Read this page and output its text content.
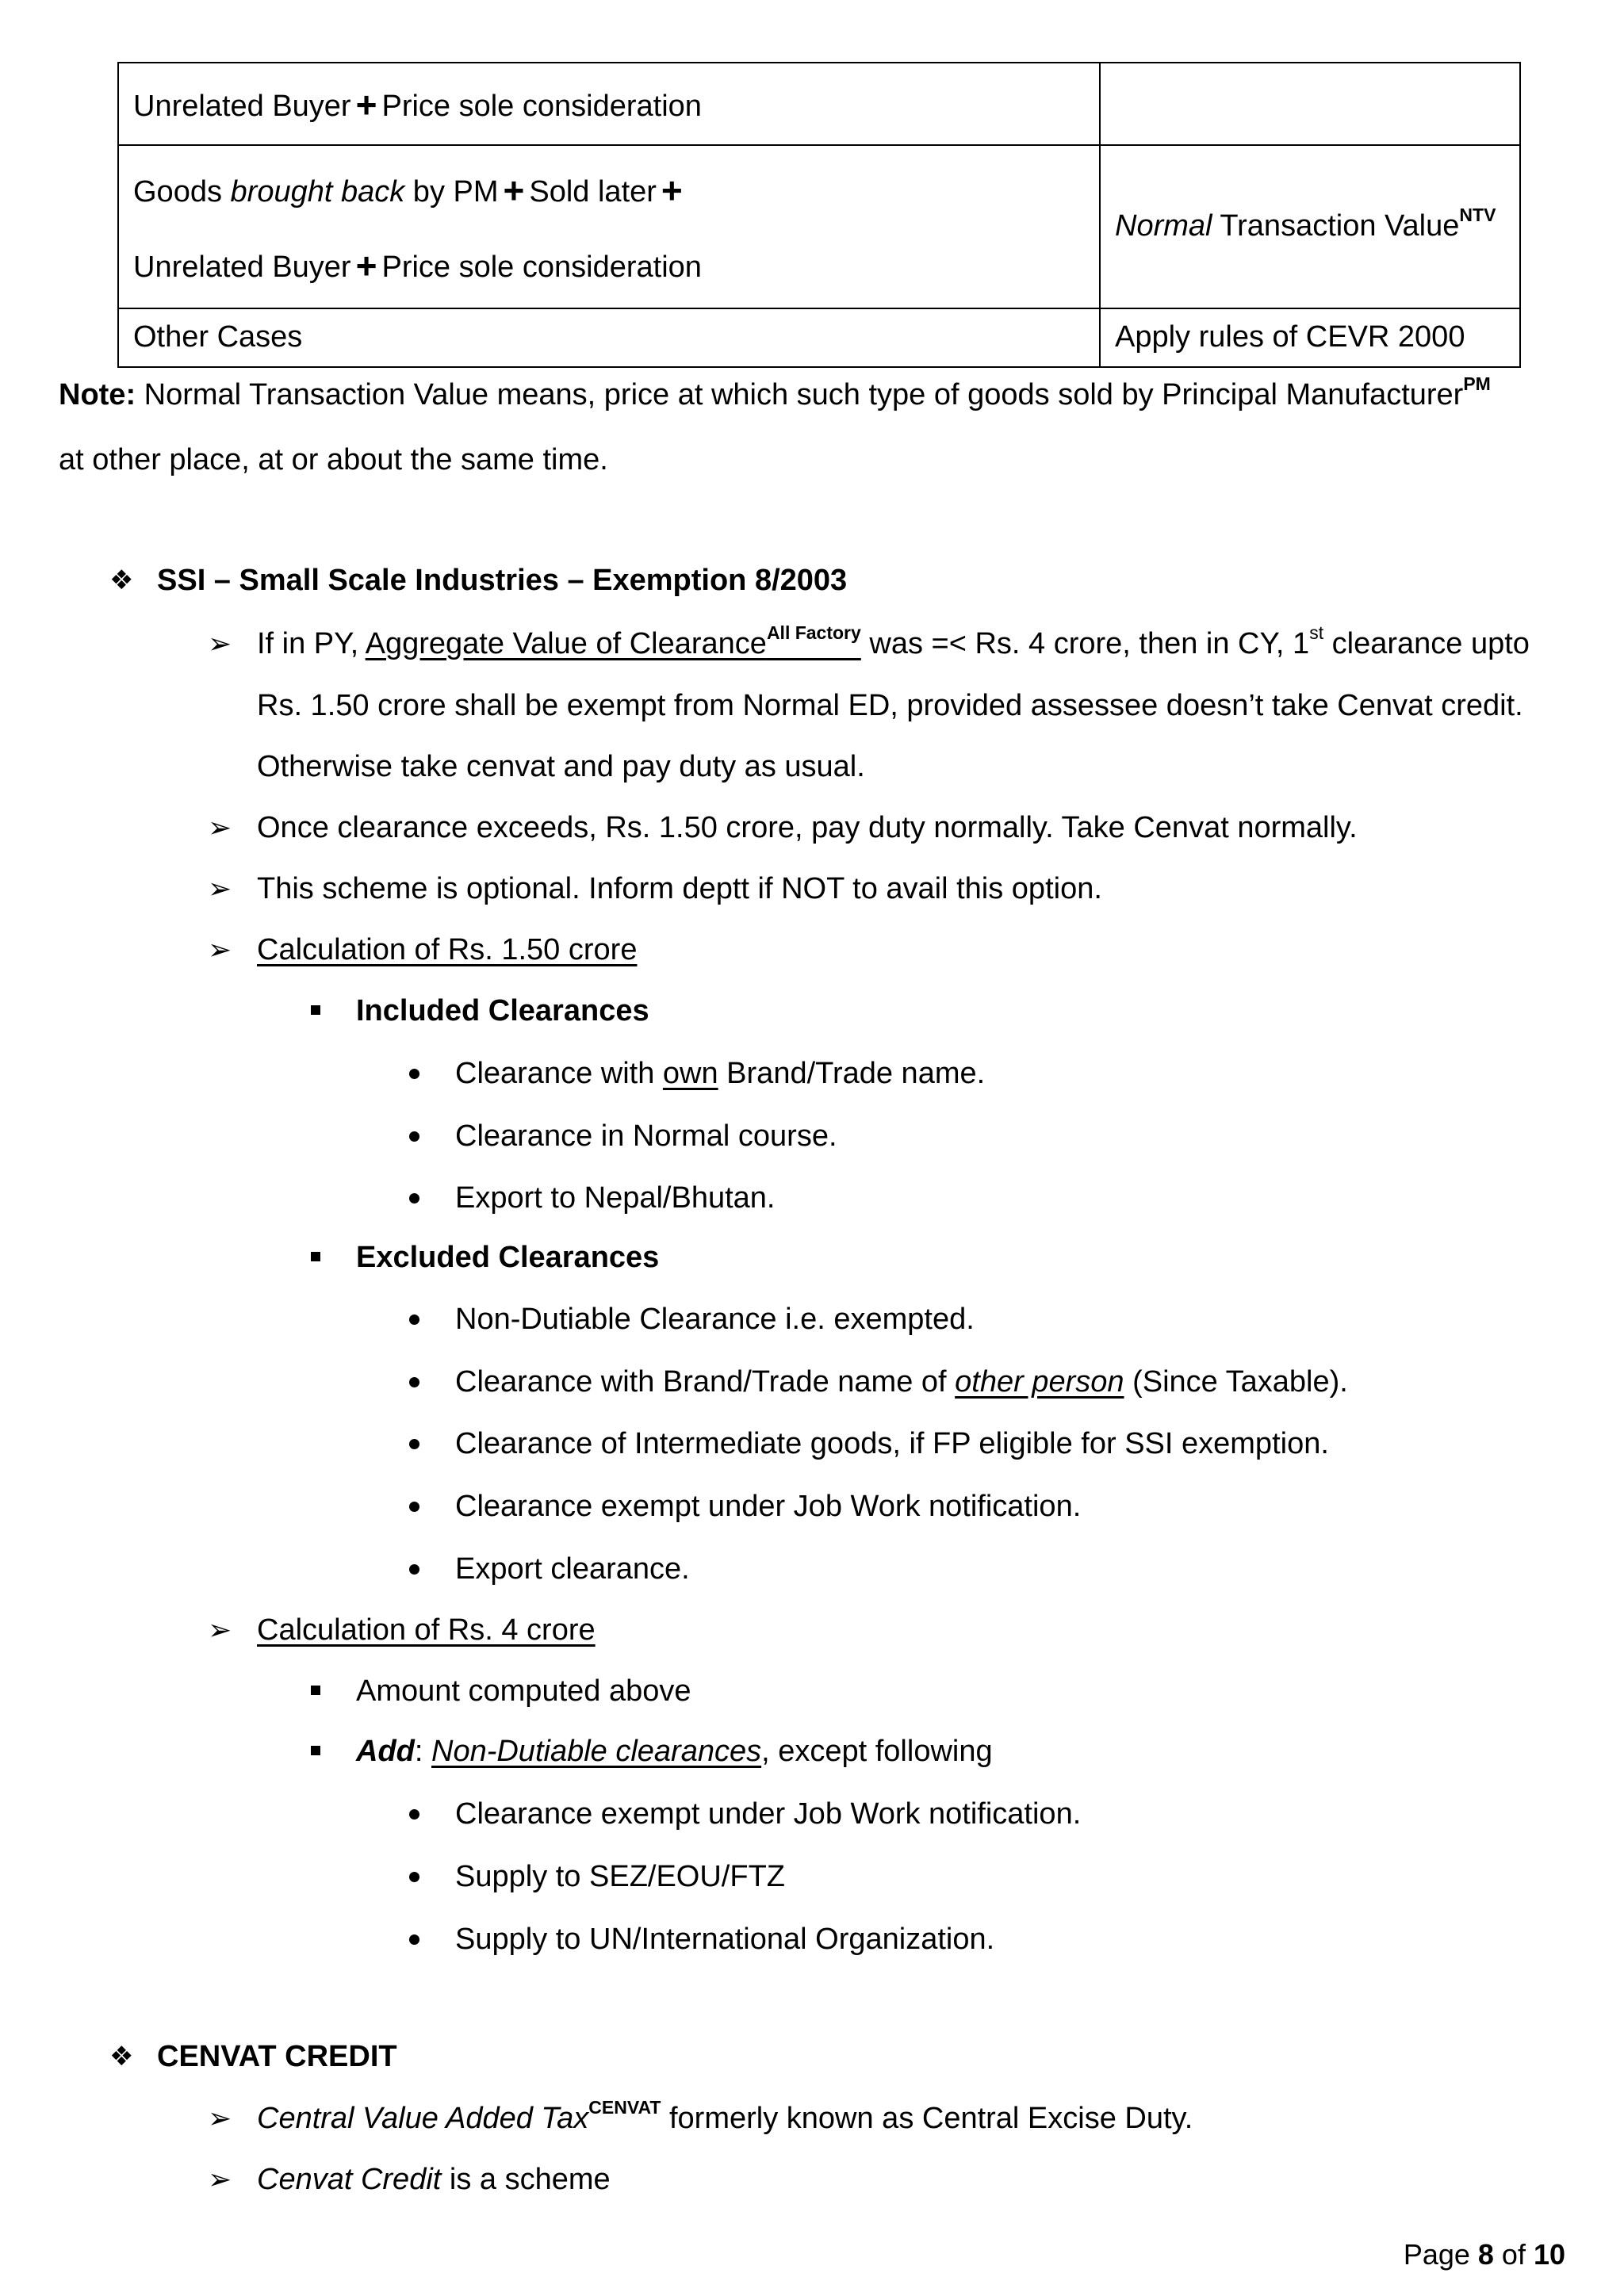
Unrelated Buyer + Price sole consideration	

Goods brought back by PM + Sold later +
Unrelated Buyer + Price sole consideration	Normal Transaction Value$^{NTV}$
Other Cases	Apply rules of CEVR 2000
Note: Normal Transaction Value means, price at which such type of goods sold by Principal Manufacturer$^{PM}$
at other place, at or about the same time.
❖ SSI – Small Scale Industries – Exemption 8/2003
➢ If in PY, Aggregate Value of Clearance$^{All Factory}$ was =< Rs. 4 crore, then in CY, 1st clearance upto
Rs. 1.50 crore shall be exempt from Normal ED, provided assessee doesn’t take Cenvat credit.
Otherwise take cenvat and pay duty as usual.
➢ Once clearance exceeds, Rs. 1.50 crore, pay duty normally. Take Cenvat normally.
➢ This scheme is optional. Inform deptt if NOT to avail this option.
➢ Calculation of Rs. 1.50 crore
Included Clearances
Clearance with own Brand/Trade name.
Clearance in Normal course.
Export to Nepal/Bhutan.
Excluded Clearances
Non-Dutiable Clearance i.e. exempted.
Clearance with Brand/Trade name of other person (Since Taxable).
Clearance of Intermediate goods, if FP eligible for SSI exemption.
Clearance exempt under Job Work notification.
Export clearance.
➢ Calculation of Rs. 4 crore
Amount computed above
Add: Non-Dutiable clearances, except following
Clearance exempt under Job Work notification.
Supply to SEZ/EOU/FTZ
Supply to UN/International Organization.
❖ CENVAT CREDIT
➢ Central Value Added Tax$^{CENVAT}$ formerly known as Central Excise Duty.
➢ Cenvat Credit is a scheme
Page 8 of 10
